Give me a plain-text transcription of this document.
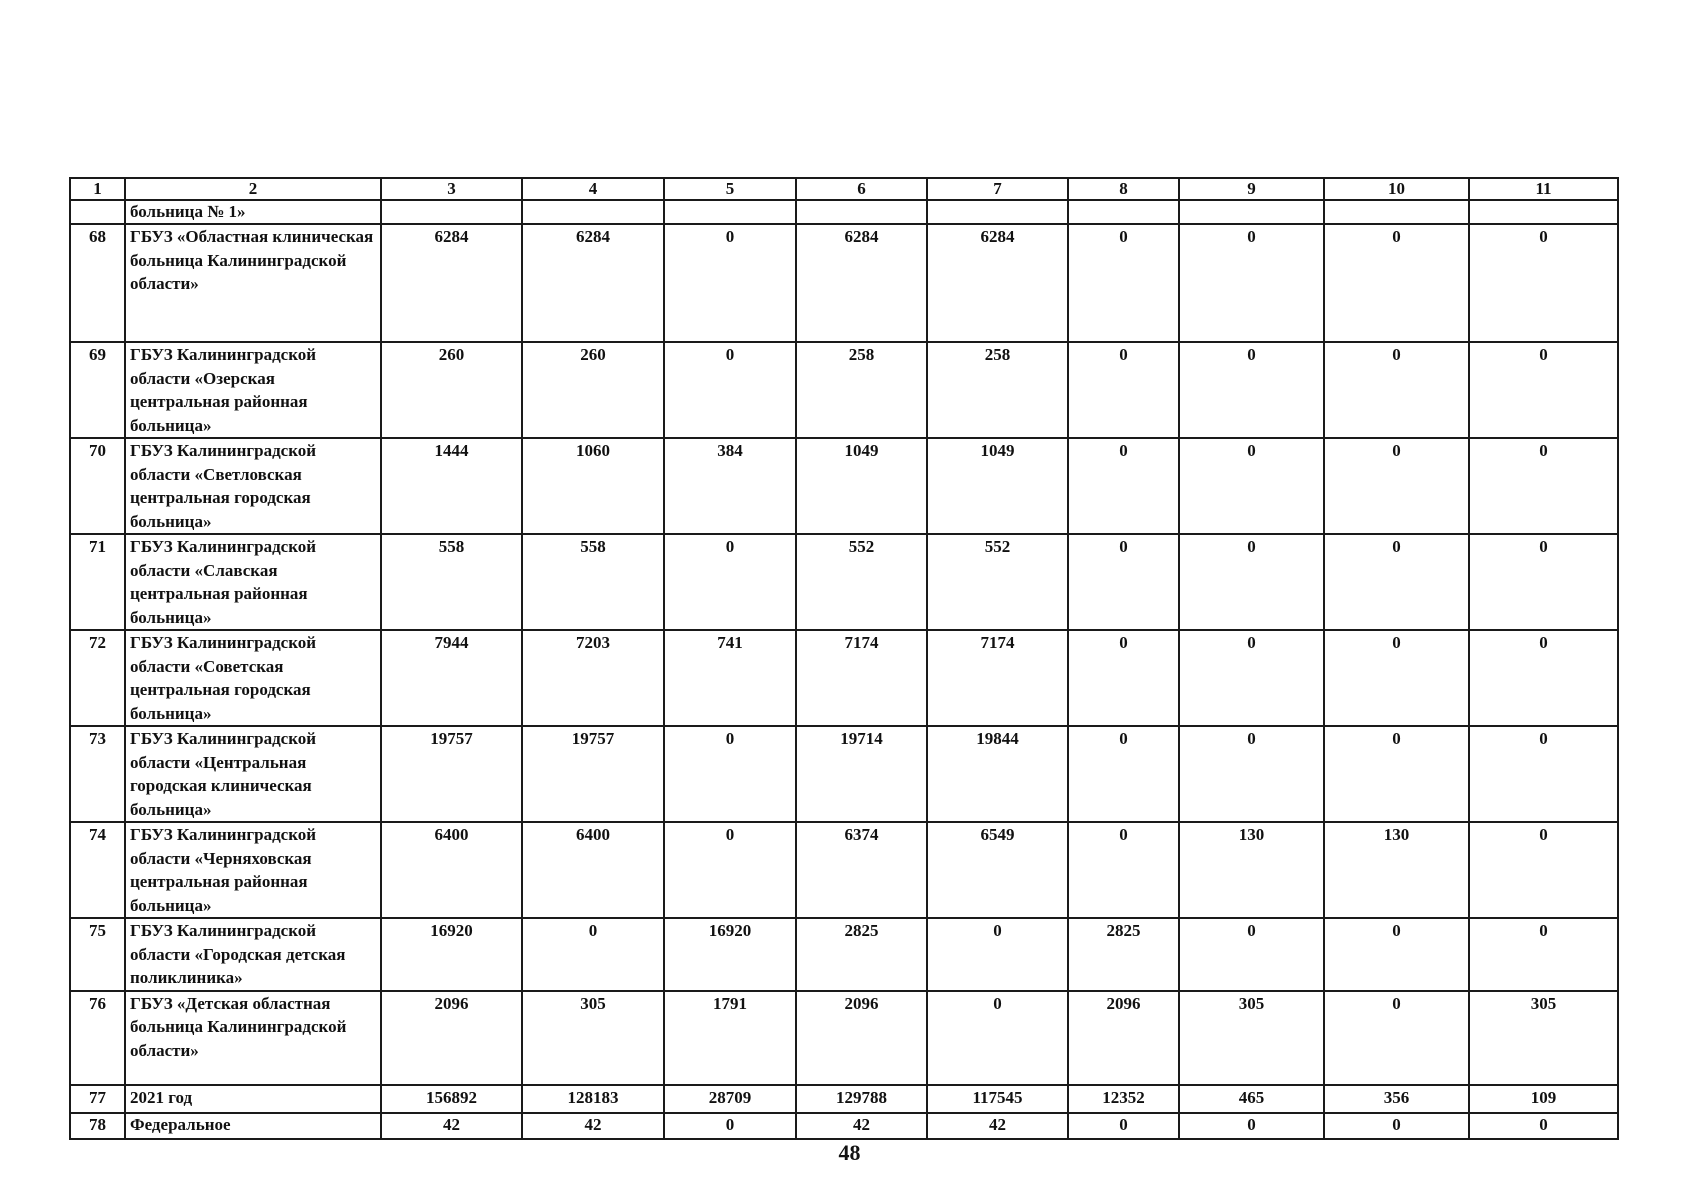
1	2	3	4	5	6	7	8	9	10	11
	больница № 1»									
68	ГБУЗ «Областная клиническая больница Калининградской области»	6284	6284	0	6284	6284	0	0	0	0
69	ГБУЗ Калининградской области «Озерская центральная районная больница»	260	260	0	258	258	0	0	0	0
70	ГБУЗ Калининградской области «Светловская центральная городская больница»	1444	1060	384	1049	1049	0	0	0	0
71	ГБУЗ Калининградской области «Славская центральная районная больница»	558	558	0	552	552	0	0	0	0
72	ГБУЗ Калининградской области «Советская центральная городская больница»	7944	7203	741	7174	7174	0	0	0	0
73	ГБУЗ Калининградской области «Центральная городская клиническая больница»	19757	19757	0	19714	19844	0	0	0	0
74	ГБУЗ Калининградской области «Черняховская центральная районная больница»	6400	6400	0	6374	6549	0	130	130	0
75	ГБУЗ Калининградской области «Городская детская поликлиника»	16920	0	16920	2825	0	2825	0	0	0
76	ГБУЗ «Детская областная больница Калининградской области»	2096	305	1791	2096	0	2096	305	0	305
77	2021 год	156892	128183	28709	129788	117545	12352	465	356	109
78	Федеральное	42	42	0	42	42	0	0	0	0
48
